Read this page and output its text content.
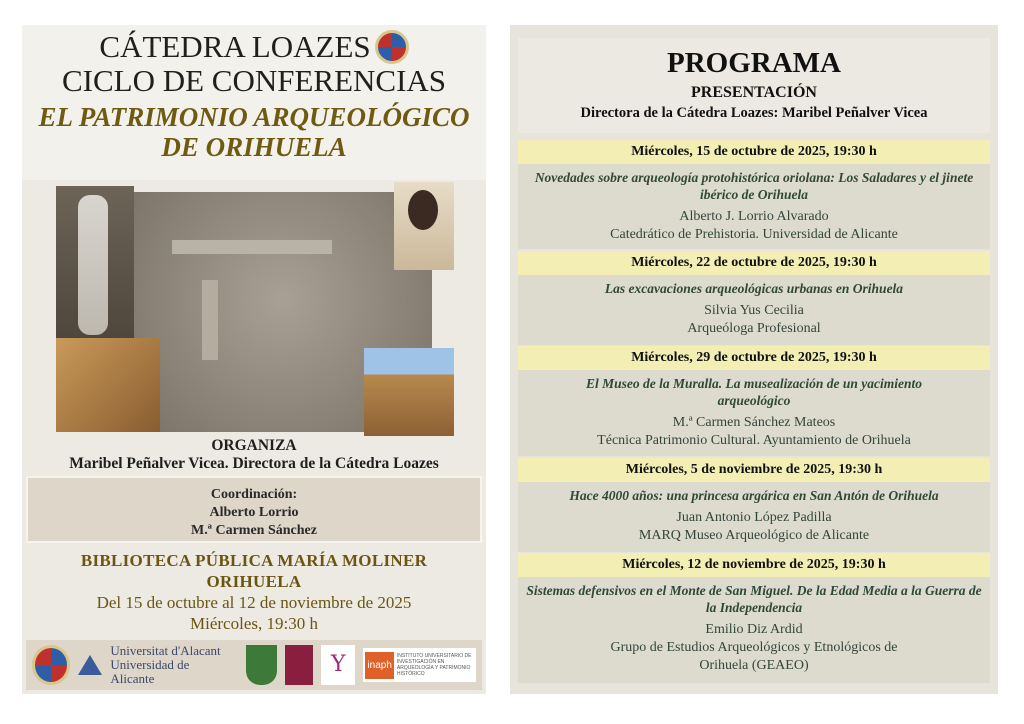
CÁTEDRA LOAZES
CICLO DE CONFERENCIAS
EL PATRIMONIO ARQUEOLÓGICO
DE ORIHUELA
ORGANIZA
Maribel Peñalver Vicea. Directora de la Cátedra Loazes
Coordinación:
Alberto Lorrio
M.ª Carmen Sánchez
BIBLIOTECA PÚBLICA MARÍA MOLINER
ORIHUELA
Del 15 de octubre al 12 de noviembre de 2025
Miércoles, 19:30 h
Universitat d'Alacant
Universidad de Alicante
Y	inaph
INSTITUTO UNIVERSITARIO DE INVESTIGACIÓN EN ARQUEOLOGÍA Y PATRIMONIO HISTÓRICO
PROGRAMA
PRESENTACIÓN
Directora de la Cátedra Loazes: Maribel Peñalver Vicea
Miércoles, 15 de octubre de 2025, 19:30 h
Novedades sobre arqueología protohistórica oriolana: Los Saladares y el jinete ibérico de Orihuela
Alberto J. Lorrio Alvarado
Catedrático de Prehistoria. Universidad de Alicante
Miércoles, 22 de octubre de 2025, 19:30 h
Las excavaciones arqueológicas urbanas en Orihuela
Silvia Yus Cecilia
Arqueóloga Profesional
Miércoles, 29 de octubre de 2025, 19:30 h
El Museo de la Muralla. La musealización de un yacimiento arqueológico
M.ª Carmen Sánchez Mateos
Técnica Patrimonio Cultural. Ayuntamiento de Orihuela
Miércoles, 5 de noviembre de 2025, 19:30 h
Hace 4000 años: una princesa argárica en San Antón de Orihuela
Juan Antonio López Padilla
MARQ Museo Arqueológico de Alicante
Miércoles, 12 de noviembre de 2025, 19:30 h
Sistemas defensivos en el Monte de San Miguel. De la Edad Media a la Guerra de la Independencia
Emilio Diz Ardid
Grupo de Estudios Arqueológicos y Etnológicos de Orihuela (GEAEO)
